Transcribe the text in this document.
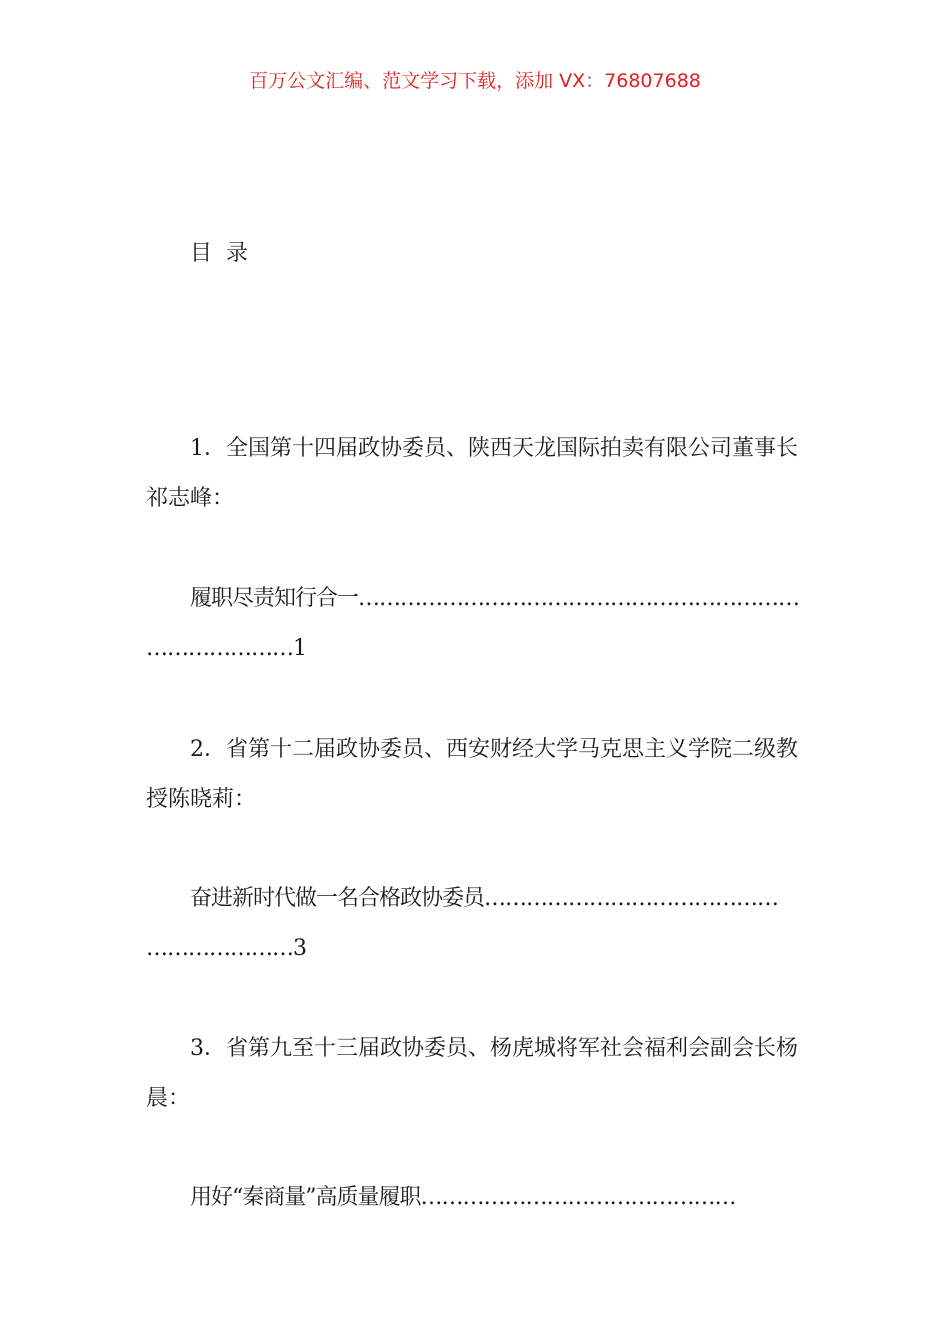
百万公文汇编、范文学习下载，添加 VX：76807688
目录
1．全国第十四届政协委员、陕西天龙国际拍卖有限公司董事长
祁志峰：
履职尽责知行合一………………………………………………………
…………………1
2．省第十二届政协委员、西安财经大学马克思主义学院二级教
授陈晓莉：
奋进新时代做一名合格政协委员……………………………………
…………………3
3．省第九至十三届政协委员、杨虎城将军社会福利会副会长杨
晨：
用好“秦商量”高质量履职………………………………………
